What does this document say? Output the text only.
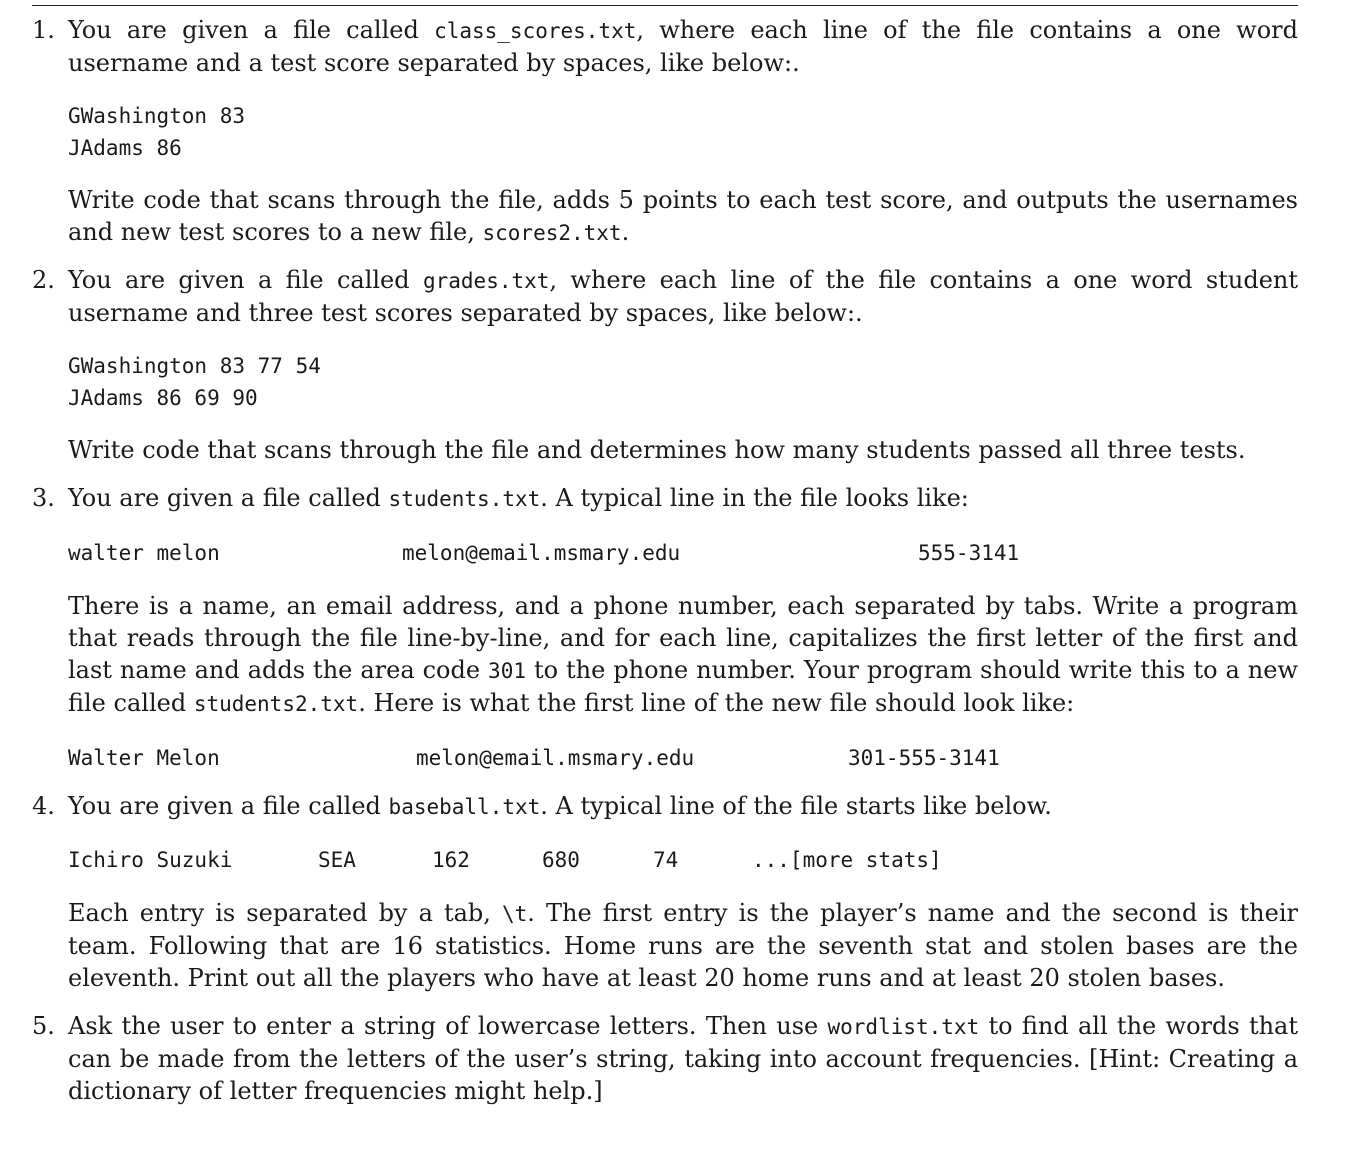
1. You are given a file called class_scores.txt, where each line of the file contains a one word username and a test score separated by spaces, like below:.

GWashington 83
JAdams 86

Write code that scans through the file, adds 5 points to each test score, and outputs the usernames and new test scores to a new file, scores2.txt.

2. You are given a file called grades.txt, where each line of the file contains a one word student username and three test scores separated by spaces, like below:.

GWashington 83 77 54
JAdams 86 69 90

Write code that scans through the file and determines how many students passed all three tests.

3. You are given a file called students.txt. A typical line in the file looks like:

walter melon	melon@email.msmary.edu	555-3141

There is a name, an email address, and a phone number, each separated by tabs. Write a program that reads through the file line-by-line, and for each line, capitalizes the first letter of the first and last name and adds the area code 301 to the phone number. Your program should write this to a new file called students2.txt. Here is what the first line of the new file should look like:

Walter Melon	melon@email.msmary.edu	301-555-3141
4. You are given a file called baseball.txt. A typical line of the file starts like below.

Ichiro Suzuki	SEA	162	680	74	...[more stats]

Each entry is separated by a tab, \t. The first entry is the player’s name and the second is their team. Following that are 16 statistics. Home runs are the seventh stat and stolen bases are the eleventh. Print out all the players who have at least 20 home runs and at least 20 stolen bases.

5. Ask the user to enter a string of lowercase letters. Then use wordlist.txt to find all the words that can be made from the letters of the user’s string, taking into account frequencies. [Hint: Creating a dictionary of letter frequencies might help.]
